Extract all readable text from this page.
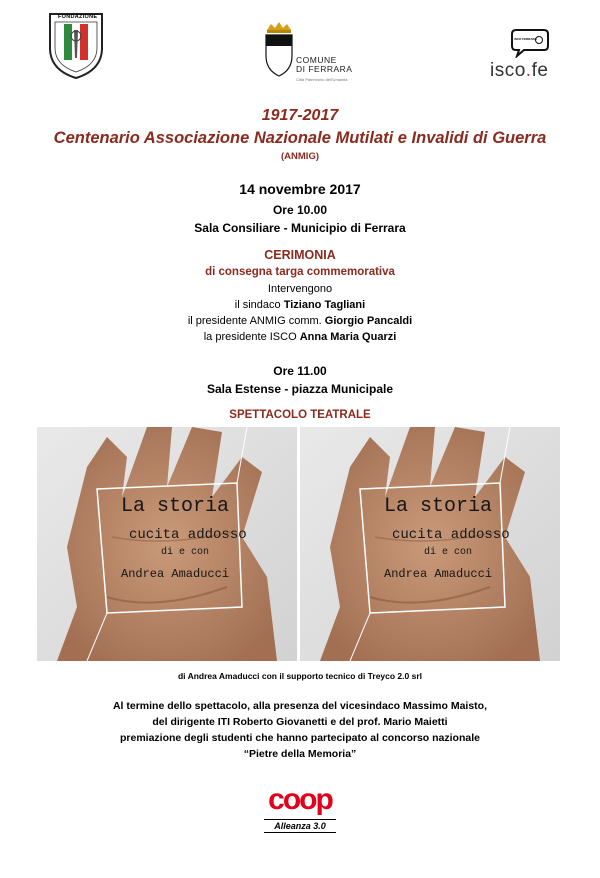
FONDAZIONE
COMUNE
DI FERRARA
Città Patrimonio dell'Umanità
ISCO FERRARA
isco.fe
1917-2017
Centenario Associazione Nazionale Mutilati e Invalidi di Guerra
(ANMIG)
14 novembre 2017
Ore 10.00
Sala Consiliare - Municipio di Ferrara
CERIMONIA
di consegna targa commemorativa
Intervengono
il sindaco Tiziano Tagliani
il presidente ANMIG comm. Giorgio Pancaldi
la presidente ISCO Anna Maria Quarzi
Ore 11.00
Sala Estense - piazza Municipale
SPETTACOLO TEATRALE
La storia
cucita addosso
di e con
Andrea Amaducci
La storia
cucita addosso
di e con
Andrea Amaducci
di Andrea Amaducci con il supporto tecnico di Treyco 2.0 srl
Al termine dello spettacolo, alla presenza del vicesindaco Massimo Maisto,
del dirigente ITI Roberto Giovanetti e del prof. Mario Maietti
premiazione degli studenti che hanno partecipato al concorso nazionale
“Pietre della Memoria”
coop
Alleanza 3.0
